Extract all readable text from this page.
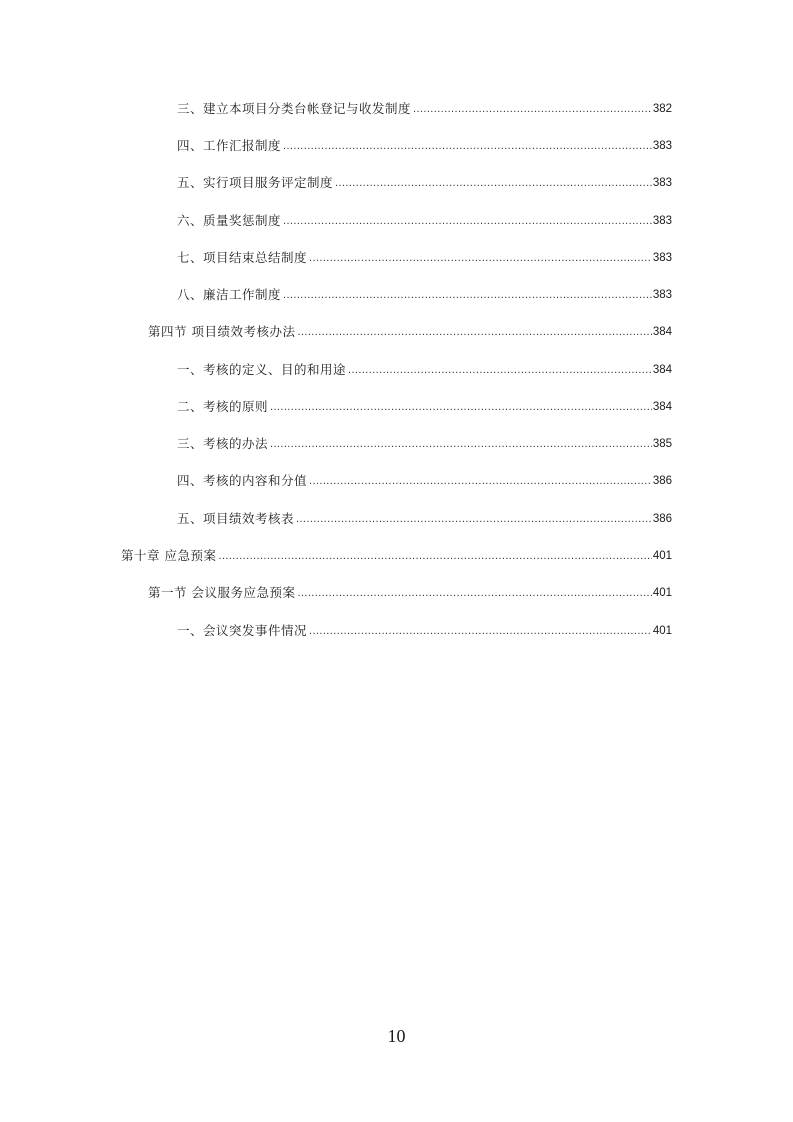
三、建立本项目分类台帐登记与收发制度 .....	382
四、工作汇报制度 .....	383
五、实行项目服务评定制度 .....	383
六、质量奖惩制度 .....	383
七、项目结束总结制度 .....	383
八、廉洁工作制度 .....	383
第四节 项目绩效考核办法 .....	384
一、考核的定义、目的和用途 .....	384
二、考核的原则 .....	384
三、考核的办法 .....	385
四、考核的内容和分值 .....	386
五、项目绩效考核表 .....	386
第十章 应急预案 .....	401
第一节 会议服务应急预案 .....	401
一、会议突发事件情况 .....	401
10
